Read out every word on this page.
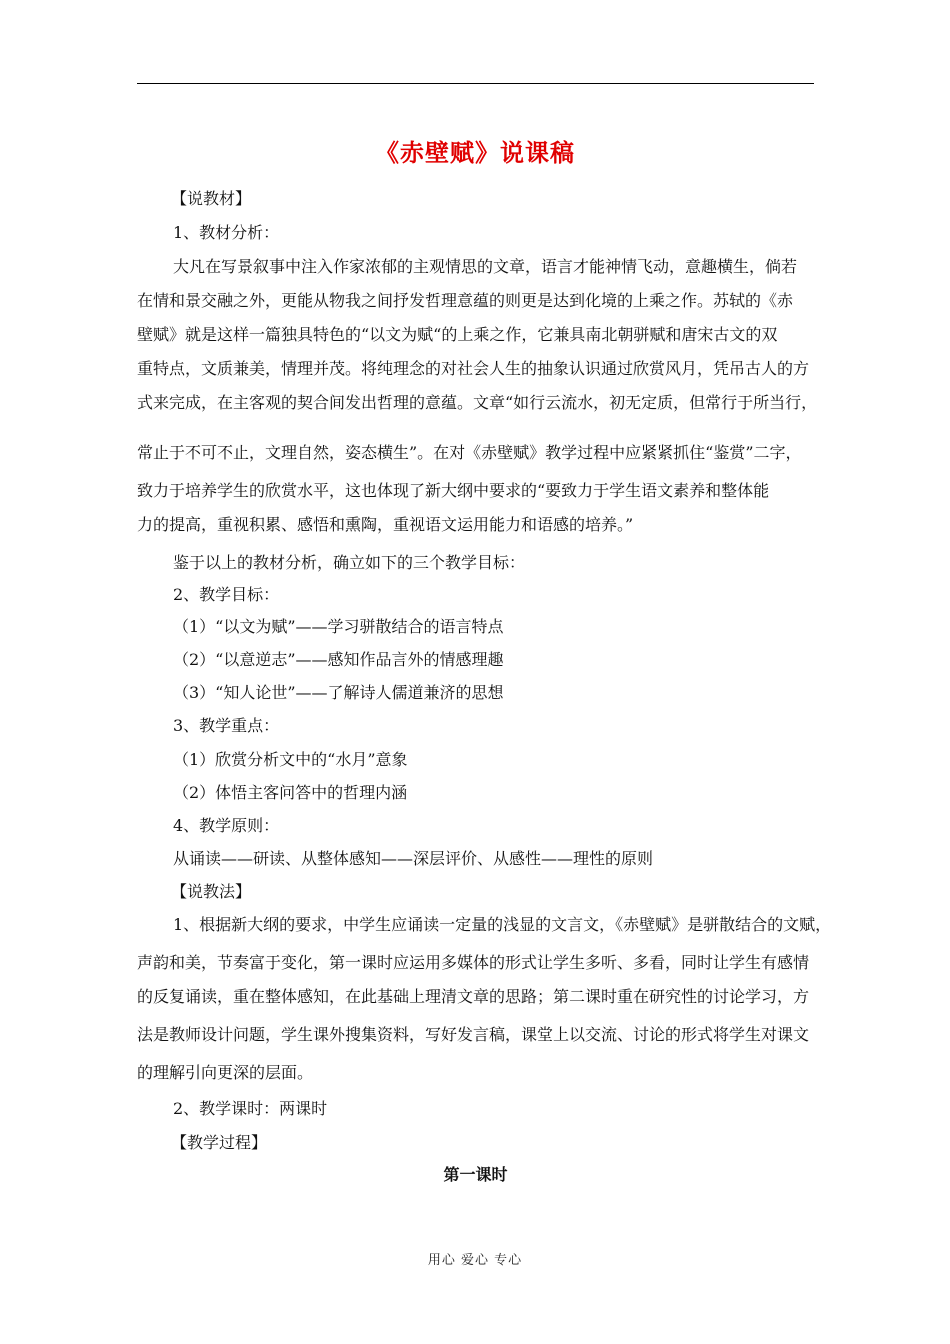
《赤壁赋》说课稿
【说教材】
1、教材分析：
大凡在写景叙事中注入作家浓郁的主观情思的文章，语言才能神情飞动，意趣横生，倘若
在情和景交融之外，更能从物我之间抒发哲理意蕴的则更是达到化境的上乘之作。苏轼的《赤
壁赋》就是这样一篇独具特色的“以文为赋“的上乘之作，它兼具南北朝骈赋和唐宋古文的双
重特点，文质兼美，情理并茂。将纯理念的对社会人生的抽象认识通过欣赏风月，凭吊古人的方
式来完成，在主客观的契合间发出哲理的意蕴。文章“如行云流水，初无定质，但常行于所当行，
常止于不可不止，文理自然，姿态横生”。在对《赤壁赋》教学过程中应紧紧抓住“鉴赏”二字，
致力于培养学生的欣赏水平，这也体现了新大纲中要求的“要致力于学生语文素养和整体能
力的提高，重视积累、感悟和熏陶，重视语文运用能力和语感的培养。”
鉴于以上的教材分析，确立如下的三个教学目标：
2、教学目标：
（1）“以文为赋”——学习骈散结合的语言特点
（2）“以意逆志”——感知作品言外的情感理趣
（3）“知人论世”——了解诗人儒道兼济的思想
3、教学重点：
（1）欣赏分析文中的“水月”意象
（2）体悟主客问答中的哲理内涵
4、教学原则：
从诵读——研读、从整体感知——深层评价、从感性——理性的原则
【说教法】
1、根据新大纲的要求，中学生应诵读一定量的浅显的文言文，《赤壁赋》是骈散结合的文赋，
声韵和美，节奏富于变化，第一课时应运用多媒体的形式让学生多听、多看，同时让学生有感情
的反复诵读，重在整体感知，在此基础上理清文章的思路；第二课时重在研究性的讨论学习，方
法是教师设计问题，学生课外搜集资料，写好发言稿，课堂上以交流、讨论的形式将学生对课文
的理解引向更深的层面。
2、教学课时：两课时
【教学过程】
第一课时
用心 爱心 专心
